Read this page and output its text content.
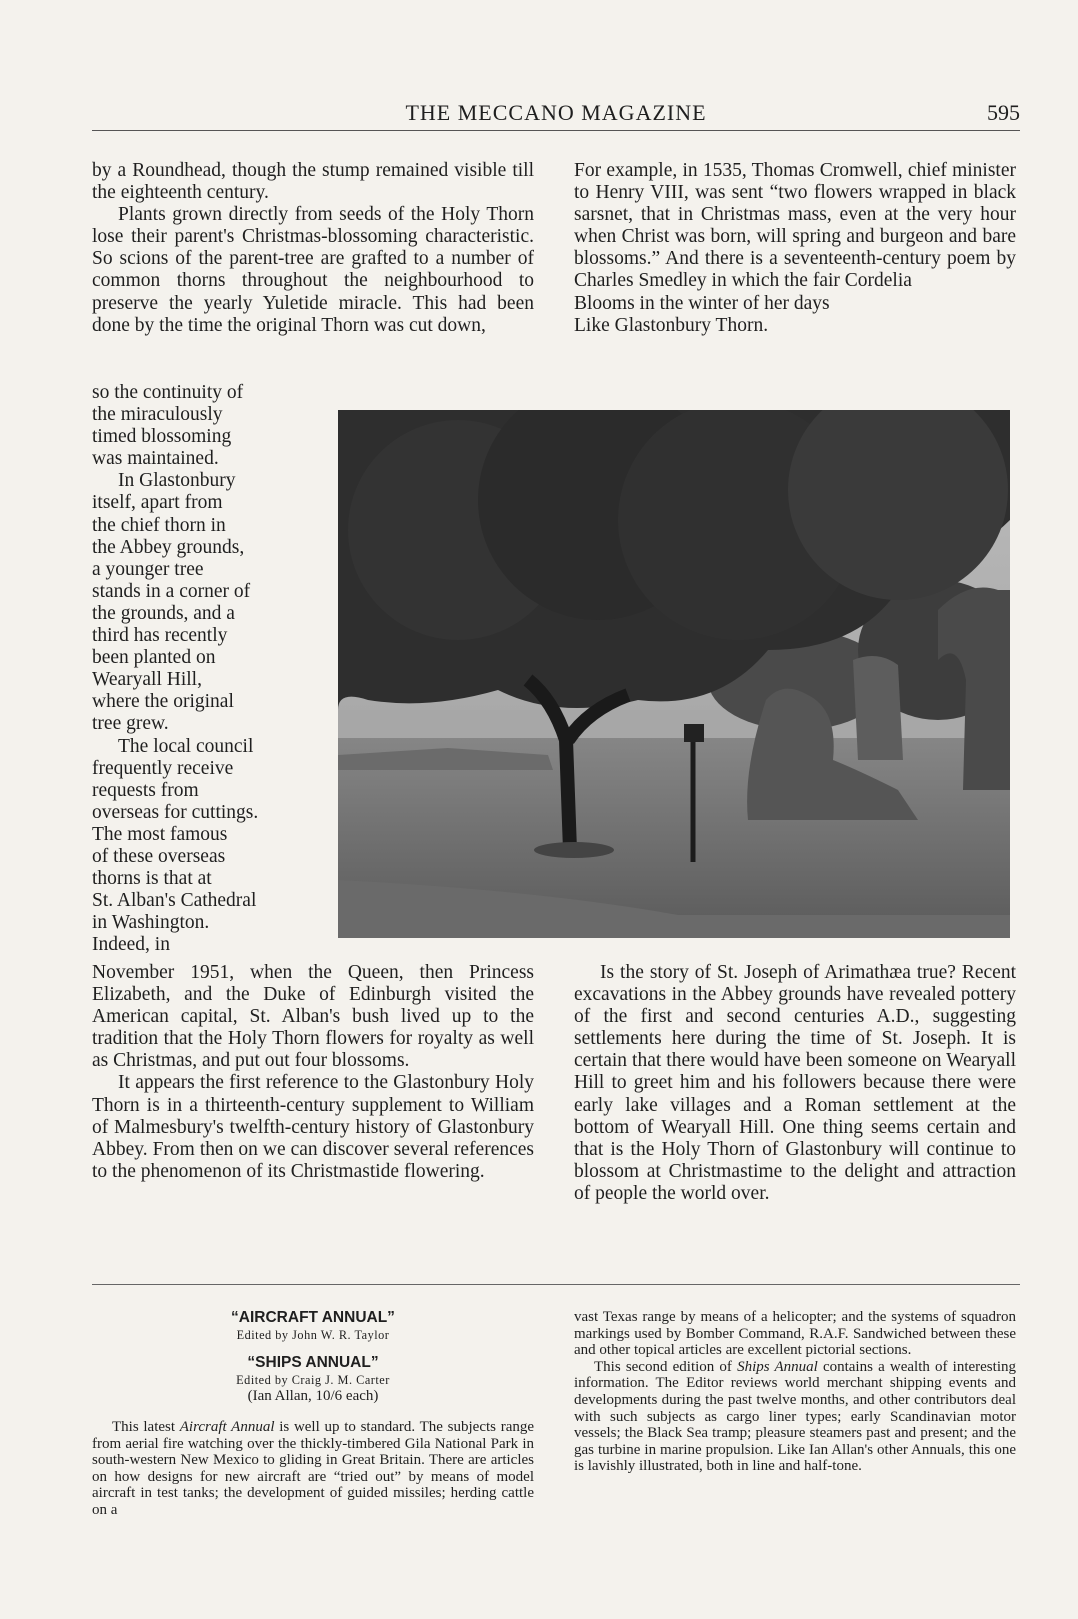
THE MECCANO MAGAZINE	595

by a Roundhead, though the stump remained visible till the eighteenth century.

Plants grown directly from seeds of the Holy Thorn lose their parent's Christmas-blossoming characteristic. So scions of the parent-tree are grafted to a number of common thorns throughout the neighbourhood to preserve the yearly Yuletide miracle. This had been done by the time the original Thorn was cut down,

so the continuity of
the miraculously
timed blossoming
was maintained.
In Glastonbury
itself, apart from
the chief thorn in
the Abbey grounds,
a younger tree
stands in a corner of
the grounds, and a
third has recently
been planted on
Wearyall Hill,
where the original
tree grew.
The local council
frequently receive
requests from
overseas for cuttings.
The most famous
of these overseas
thorns is that at
St. Alban's Cathedral
in Washington.
Indeed, in

November 1951, when the Queen, then Princess Elizabeth, and the Duke of Edinburgh visited the American capital, St. Alban's bush lived up to the tradition that the Holy Thorn flowers for royalty as well as Christmas, and put out four blossoms.

It appears the first reference to the Glastonbury Holy Thorn is in a thirteenth-century supplement to William of Malmesbury's twelfth-century history of Glastonbury Abbey. From then on we can discover several references to the phenomenon of its Christmastide flowering.

For example, in 1535, Thomas Cromwell, chief minister to Henry VIII, was sent “two flowers wrapped in black sarsnet, that in Christmas mass, even at the very hour when Christ was born, will spring and burgeon and bare blossoms.” And there is a seventeenth-century poem by Charles Smedley in which the fair Cordelia

Blooms in the winter of her days

Like Glastonbury Thorn.

Is the story of St. Joseph of Arimathæa true? Recent excavations in the Abbey grounds have revealed pottery of the first and second centuries A.D., suggesting settlements here during the time of St. Joseph. It is certain that there would have been someone on Wearyall Hill to greet him and his followers because there were early lake villages and a Roman settlement at the bottom of Wearyall Hill. One thing seems certain and that is the Holy Thorn of Glastonbury will continue to blossom at Christmastime to the delight and attraction of people the world over.

“AIRCRAFT ANNUAL”
Edited by John W. R. Taylor
“SHIPS ANNUAL”
Edited by Craig J. M. Carter
(Ian Allan, 10/6 each)

This latest Aircraft Annual is well up to standard. The subjects range from aerial fire watching over the thickly-timbered Gila National Park in south-western New Mexico to gliding in Great Britain. There are articles on how designs for new aircraft are “tried out” by means of model aircraft in test tanks; the development of guided missiles; herding cattle on a

vast Texas range by means of a helicopter; and the systems of squadron markings used by Bomber Command, R.A.F. Sandwiched between these and other topical articles are excellent pictorial sections.

This second edition of Ships Annual contains a wealth of interesting information. The Editor reviews world merchant shipping events and developments during the past twelve months, and other contributors deal with such subjects as cargo liner types; early Scandinavian motor vessels; the Black Sea tramp; pleasure steamers past and present; and the gas turbine in marine propulsion. Like Ian Allan's other Annuals, this one is lavishly illustrated, both in line and half-tone.
